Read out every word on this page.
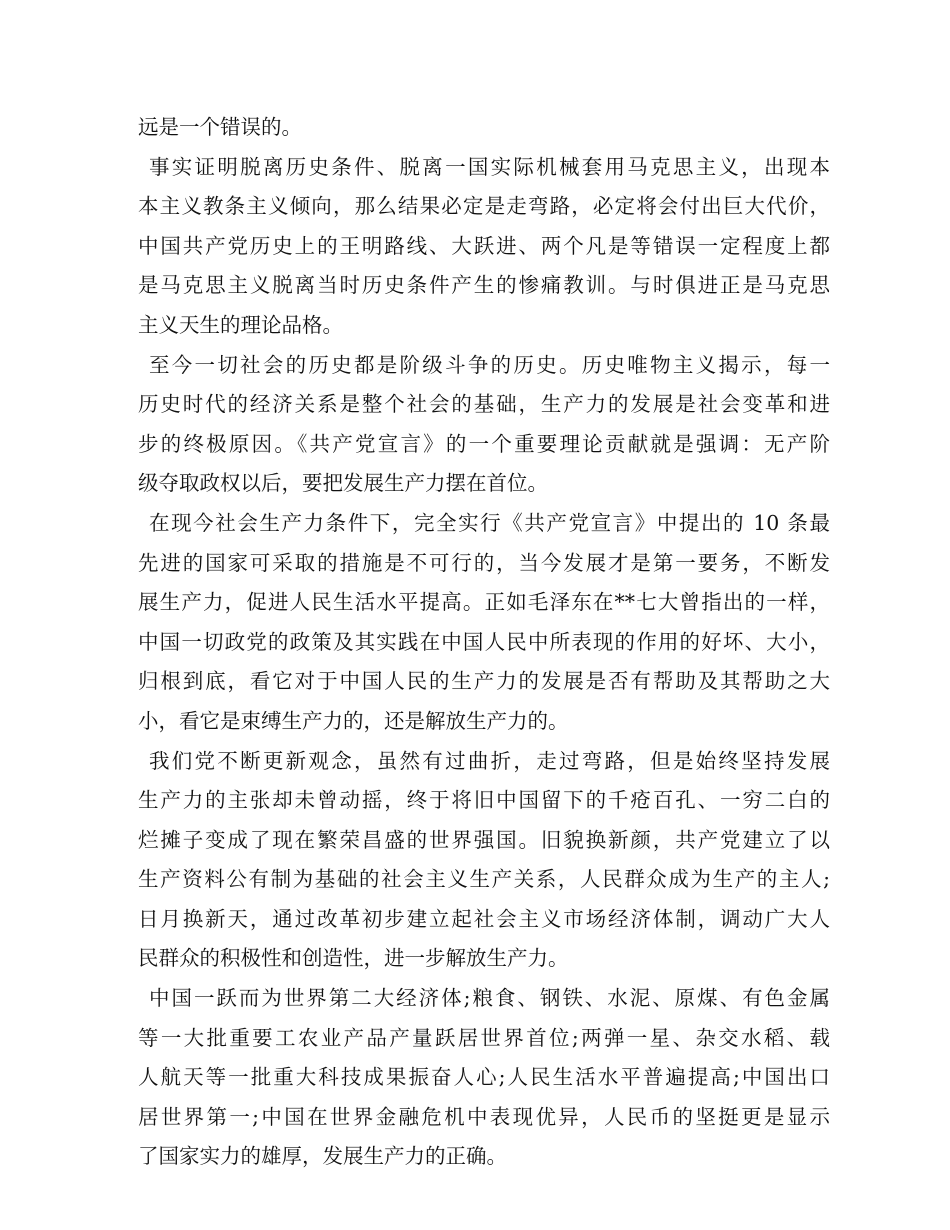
远是一个错误的。
事实证明脱离历史条件、脱离一国实际机械套用马克思主义，出现本
本主义教条主义倾向，那么结果必定是走弯路，必定将会付出巨大代价，
中国共产党历史上的王明路线、大跃进、两个凡是等错误一定程度上都
是马克思主义脱离当时历史条件产生的惨痛教训。与时俱进正是马克思
主义天生的理论品格。
至今一切社会的历史都是阶级斗争的历史。历史唯物主义揭示，每一
历史时代的经济关系是整个社会的基础，生产力的发展是社会变革和进
步的终极原因。《共产党宣言》的一个重要理论贡献就是强调：无产阶
级夺取政权以后，要把发展生产力摆在首位。
在现今社会生产力条件下，完全实行《共产党宣言》中提出的 10 条最
先进的国家可采取的措施是不可行的，当今发展才是第一要务，不断发
展生产力，促进人民生活水平提高。正如毛泽东在**七大曾指出的一样，
中国一切政党的政策及其实践在中国人民中所表现的作用的好坏、大小，
归根到底，看它对于中国人民的生产力的发展是否有帮助及其帮助之大
小，看它是束缚生产力的，还是解放生产力的。
我们党不断更新观念，虽然有过曲折，走过弯路，但是始终坚持发展
生产力的主张却未曾动摇，终于将旧中国留下的千疮百孔、一穷二白的
烂摊子变成了现在繁荣昌盛的世界强国。旧貌换新颜，共产党建立了以
生产资料公有制为基础的社会主义生产关系，人民群众成为生产的主人;
日月换新天，通过改革初步建立起社会主义市场经济体制，调动广大人
民群众的积极性和创造性，进一步解放生产力。
中国一跃而为世界第二大经济体;粮食、钢铁、水泥、原煤、有色金属
等一大批重要工农业产品产量跃居世界首位;两弹一星、杂交水稻、载
人航天等一批重大科技成果振奋人心;人民生活水平普遍提高;中国出口
居世界第一;中国在世界金融危机中表现优异，人民币的坚挺更是显示
了国家实力的雄厚，发展生产力的正确。
